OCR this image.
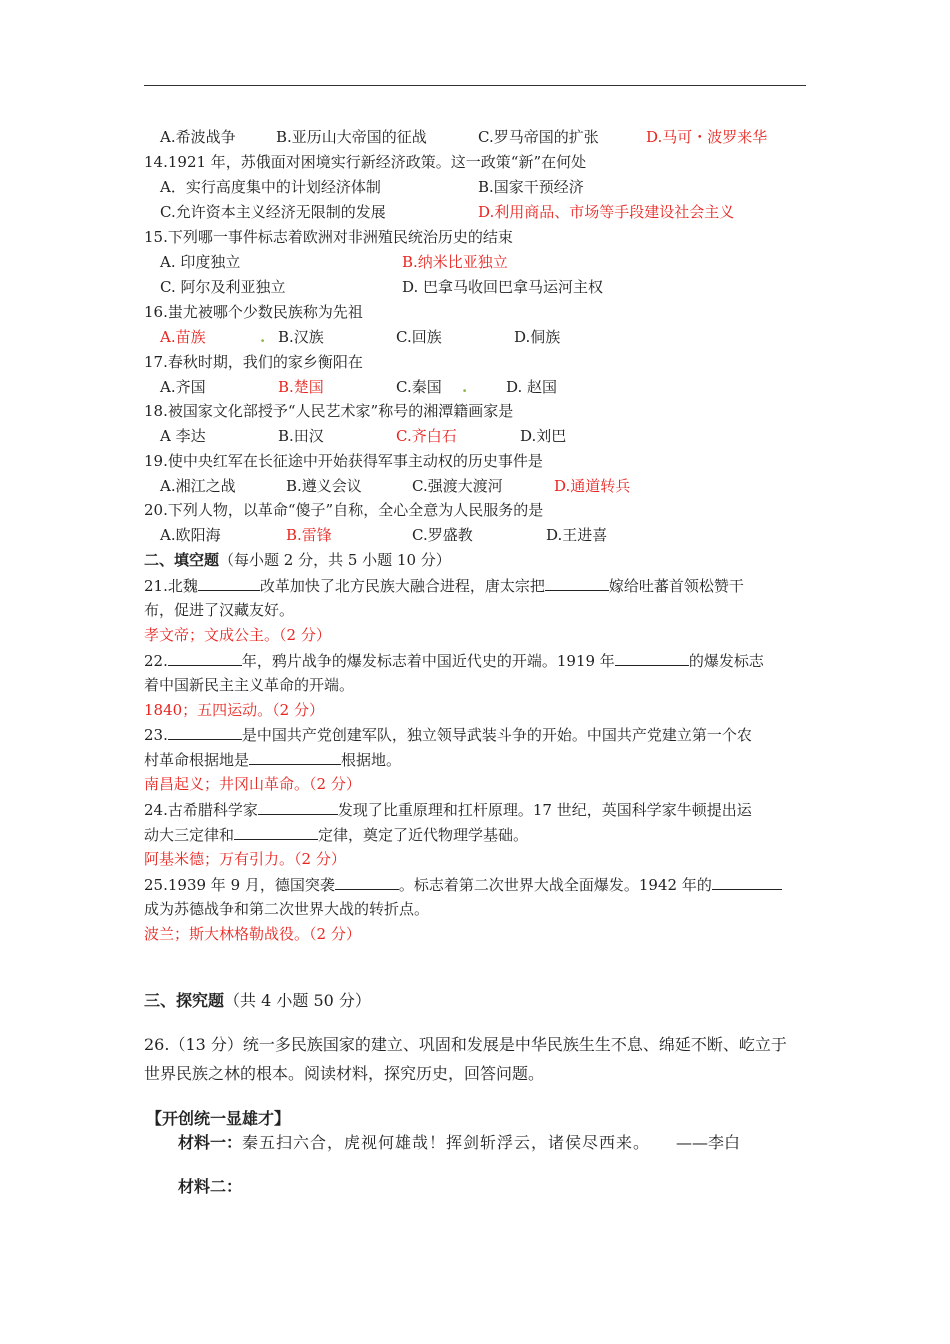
A.希波战争	B.亚历山大帝国的征战	C.罗马帝国的扩张	D.马可・波罗来华
14.1921 年，苏俄面对困境实行新经济政策。这一政策“新”在何处
A．实行高度集中的计划经济体制	B.国家干预经济
C.允许资本主义经济无限制的发展	D.利用商品、市场等手段建设社会主义
15.下列哪一事件标志着欧洲对非洲殖民统治历史的结束
A. 印度独立	B.纳米比亚独立
C. 阿尔及利亚独立	D. 巴拿马收回巴拿马运河主权
16.蚩尤被哪个少数民族称为先祖
A.苗族	. B.汉族	C.回族	D.侗族
17.春秋时期，我们的家乡衡阳在
A.齐国	B.楚国	C.秦国 .	D. 赵国
18.被国家文化部授予“人民艺术家”称号的湘潭籍画家是
A 李达	B.田汉	C.齐白石	D.刘巴
19.使中央红军在长征途中开始获得军事主动权的历史事件是
A.湘江之战	B.遵义会议	C.强渡大渡河	D.通道转兵
20.下列人物，以革命“傻子”自称，全心全意为人民服务的是
A.欧阳海	B.雷锋	C.罗盛教	D.王进喜
二、填空题（每小题 2 分，共 5 小题 10 分）
21.北魏	改革加快了北方民族大融合进程，唐太宗把	嫁给吐蕃首领松赞干
布，促进了汉藏友好。
孝文帝；文成公主。（2 分）
22.	年，鸦片战争的爆发标志着中国近代史的开端。1919 年	的爆发标志
着中国新民主主义革命的开端。
1840；五四运动。（2 分）
23.	是中国共产党创建军队，独立领导武装斗争的开始。中国共产党建立第一个农
村革命根据地是	根据地。
南昌起义；井冈山革命。（2 分）
24.古希腊科学家	发现了比重原理和扛杆原理。17 世纪，英国科学家牛顿提出运
动大三定律和	定律，奠定了近代物理学基础。
阿基米德；万有引力。（2 分）
25.1939 年 9 月，德国突袭	。标志着第二次世界大战全面爆发。1942 年的
成为苏德战争和第二次世界大战的转折点。
波兰；斯大林格勒战役。（2 分）
三、探究题（共 4 小题 50 分）
26.（13 分）统一多民族国家的建立、巩固和发展是中华民族生生不息、绵延不断、屹立于
世界民族之林的根本。阅读材料，探究历史，回答问题。
【开创统一显雄才】
材料一：秦五扫六合，虎视何雄哉！挥剑斩浮云，诸侯尽西来。 ——李白
材料二：
